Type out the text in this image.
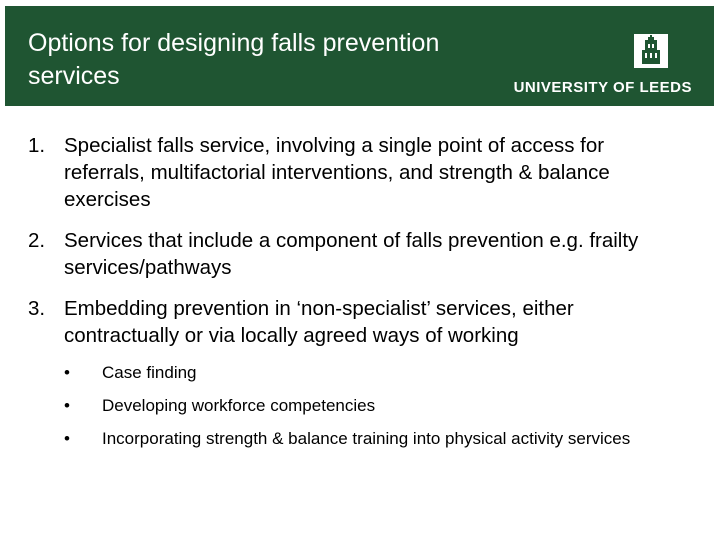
Options for designing falls prevention services	UNIVERSITY OF LEEDS
1. Specialist falls service, involving a single point of access for referrals, multifactorial interventions, and strength & balance exercises
2. Services that include a component of falls prevention e.g. frailty services/pathways
3. Embedding prevention in ‘non-specialist’ services, either contractually or via locally agreed ways of working
• Case finding
• Developing workforce competencies
• Incorporating strength & balance training into physical activity services
